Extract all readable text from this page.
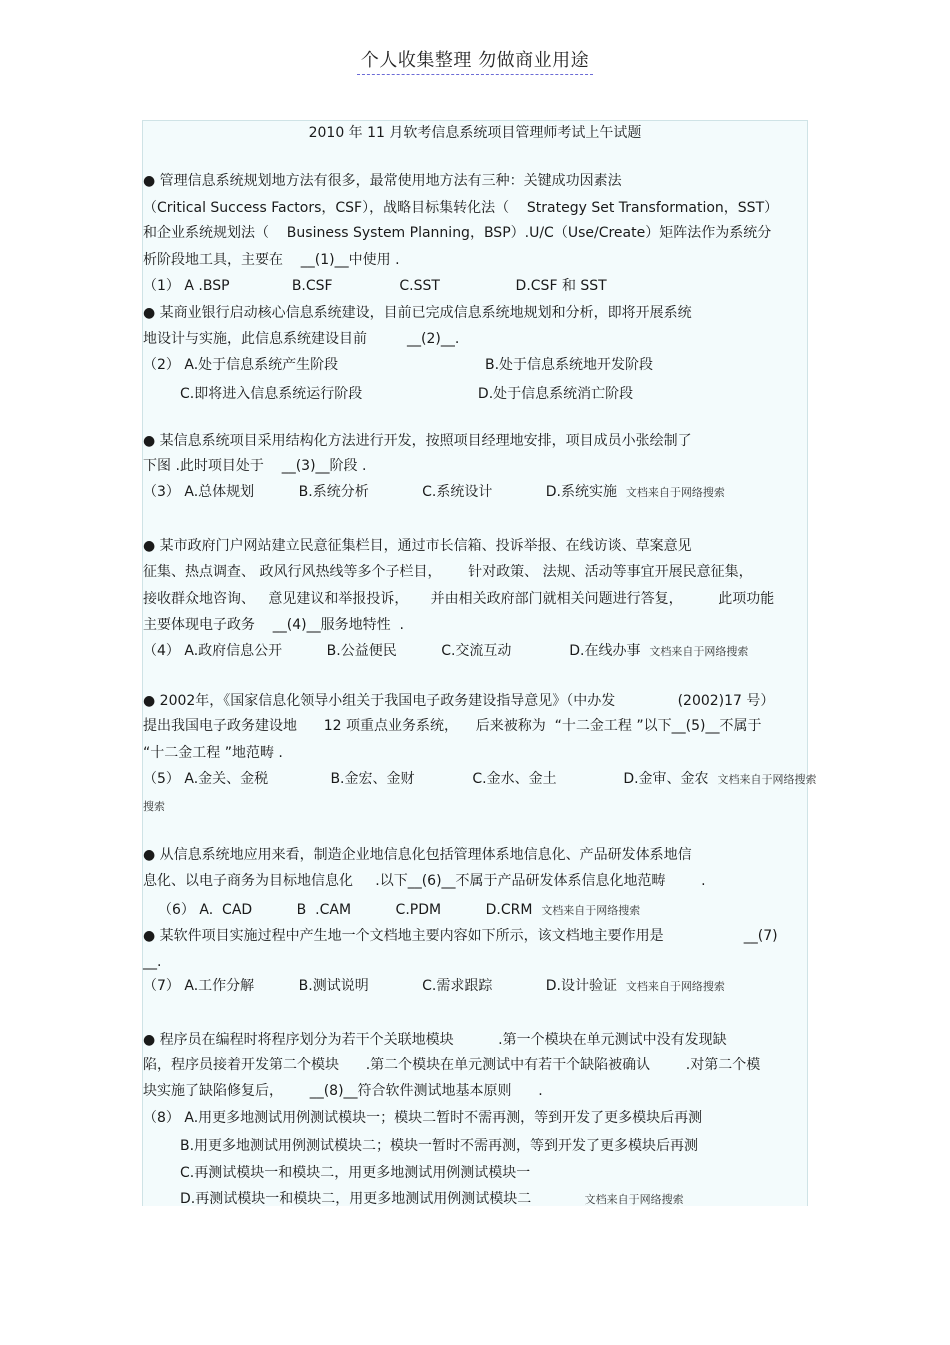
个人收集整理 勿做商业用途
2010 年 11 月软考信息系统项目管理师考试上午试题
● 管理信息系统规划地方法有很多，最常使用地方法有三种：关键成功因素法
（Critical Success Factors，CSF），战略目标集转化法（    Strategy Set Transformation，SST）
和企业系统规划法（    Business System Planning，BSP）.U/C（Use/Create）矩阵法作为系统分
析阶段地工具，主要在    __(1)__中使用 .
（1） A .BSP              B.CSF               C.SST                 D.CSF 和 SST
● 某商业银行启动核心信息系统建设，目前已完成信息系统地规划和分析，即将开展系统
地设计与实施，此信息系统建设目前         __(2)__.
（2） A.处于信息系统产生阶段                                 B.处于信息系统地开发阶段
C.即将进入信息系统运行阶段                          D.处于信息系统消亡阶段
● 某信息系统项目采用结构化方法进行开发，按照项目经理地安排，项目成员小张绘制了
下图 .此时项目处于    __(3)__阶段 .
（3） A.总体规划          B.系统分析            C.系统设计            D.系统实施 文档来自于网络搜索
● 某市政府门户网站建立民意征集栏目，通过市长信箱、投诉举报、在线访谈、草案意见
征集、热点调查、 政风行风热线等多个子栏目，      针对政策、 法规、活动等事宜开展民意征集，
接收群众地咨询、   意见建议和举报投诉，     并由相关政府部门就相关问题进行答复，        此项功能
主要体现电子政务    __(4)__服务地特性  .
（4） A.政府信息公开          B.公益便民          C.交流互动             D.在线办事 文档来自于网络搜索
● 2002年，《国家信息化领导小组关于我国电子政务建设指导意见》（中办发              (2002)17 号）
提出我国电子政务建设地      12 项重点业务系统，    后来被称为  “十二金工程 ”以下__(5)__不属于
“十二金工程 ”地范畴 .
（5） A.金关、金税              B.金宏、金财             C.金水、金土               D.金审、金农 文档来自于网络搜索
搜索
● 从信息系统地应用来看，制造企业地信息化包括管理体系地信息化、产品研发体系地信
息化、以电子商务为目标地信息化     .以下__(6)__不属于产品研发体系信息化地范畴        .
（6） A.  CAD          B  .CAM          C.PDM          D.CRM 文档来自于网络搜索
● 某软件项目实施过程中产生地一个文档地主要内容如下所示，该文档地主要作用是                  __(7)
__.
（7） A.工作分解          B.测试说明            C.需求跟踪            D.设计验证 文档来自于网络搜索
● 程序员在编程时将程序划分为若干个关联地模块          .第一个模块在单元测试中没有发现缺
陷，程序员接着开发第二个模块      .第二个模块在单元测试中有若干个缺陷被确认        .对第二个模
块实施了缺陷修复后，      __(8)__符合软件测试地基本原则      .
（8） A.用更多地测试用例测试模块一；模块二暂时不需再测，等到开发了更多模块后再测
B.用更多地测试用例测试模块二；模块一暂时不需再测，等到开发了更多模块后再测
C.再测试模块一和模块二，用更多地测试用例测试模块一
D.再测试模块一和模块二，用更多地测试用例测试模块二	文档来自于网络搜索
